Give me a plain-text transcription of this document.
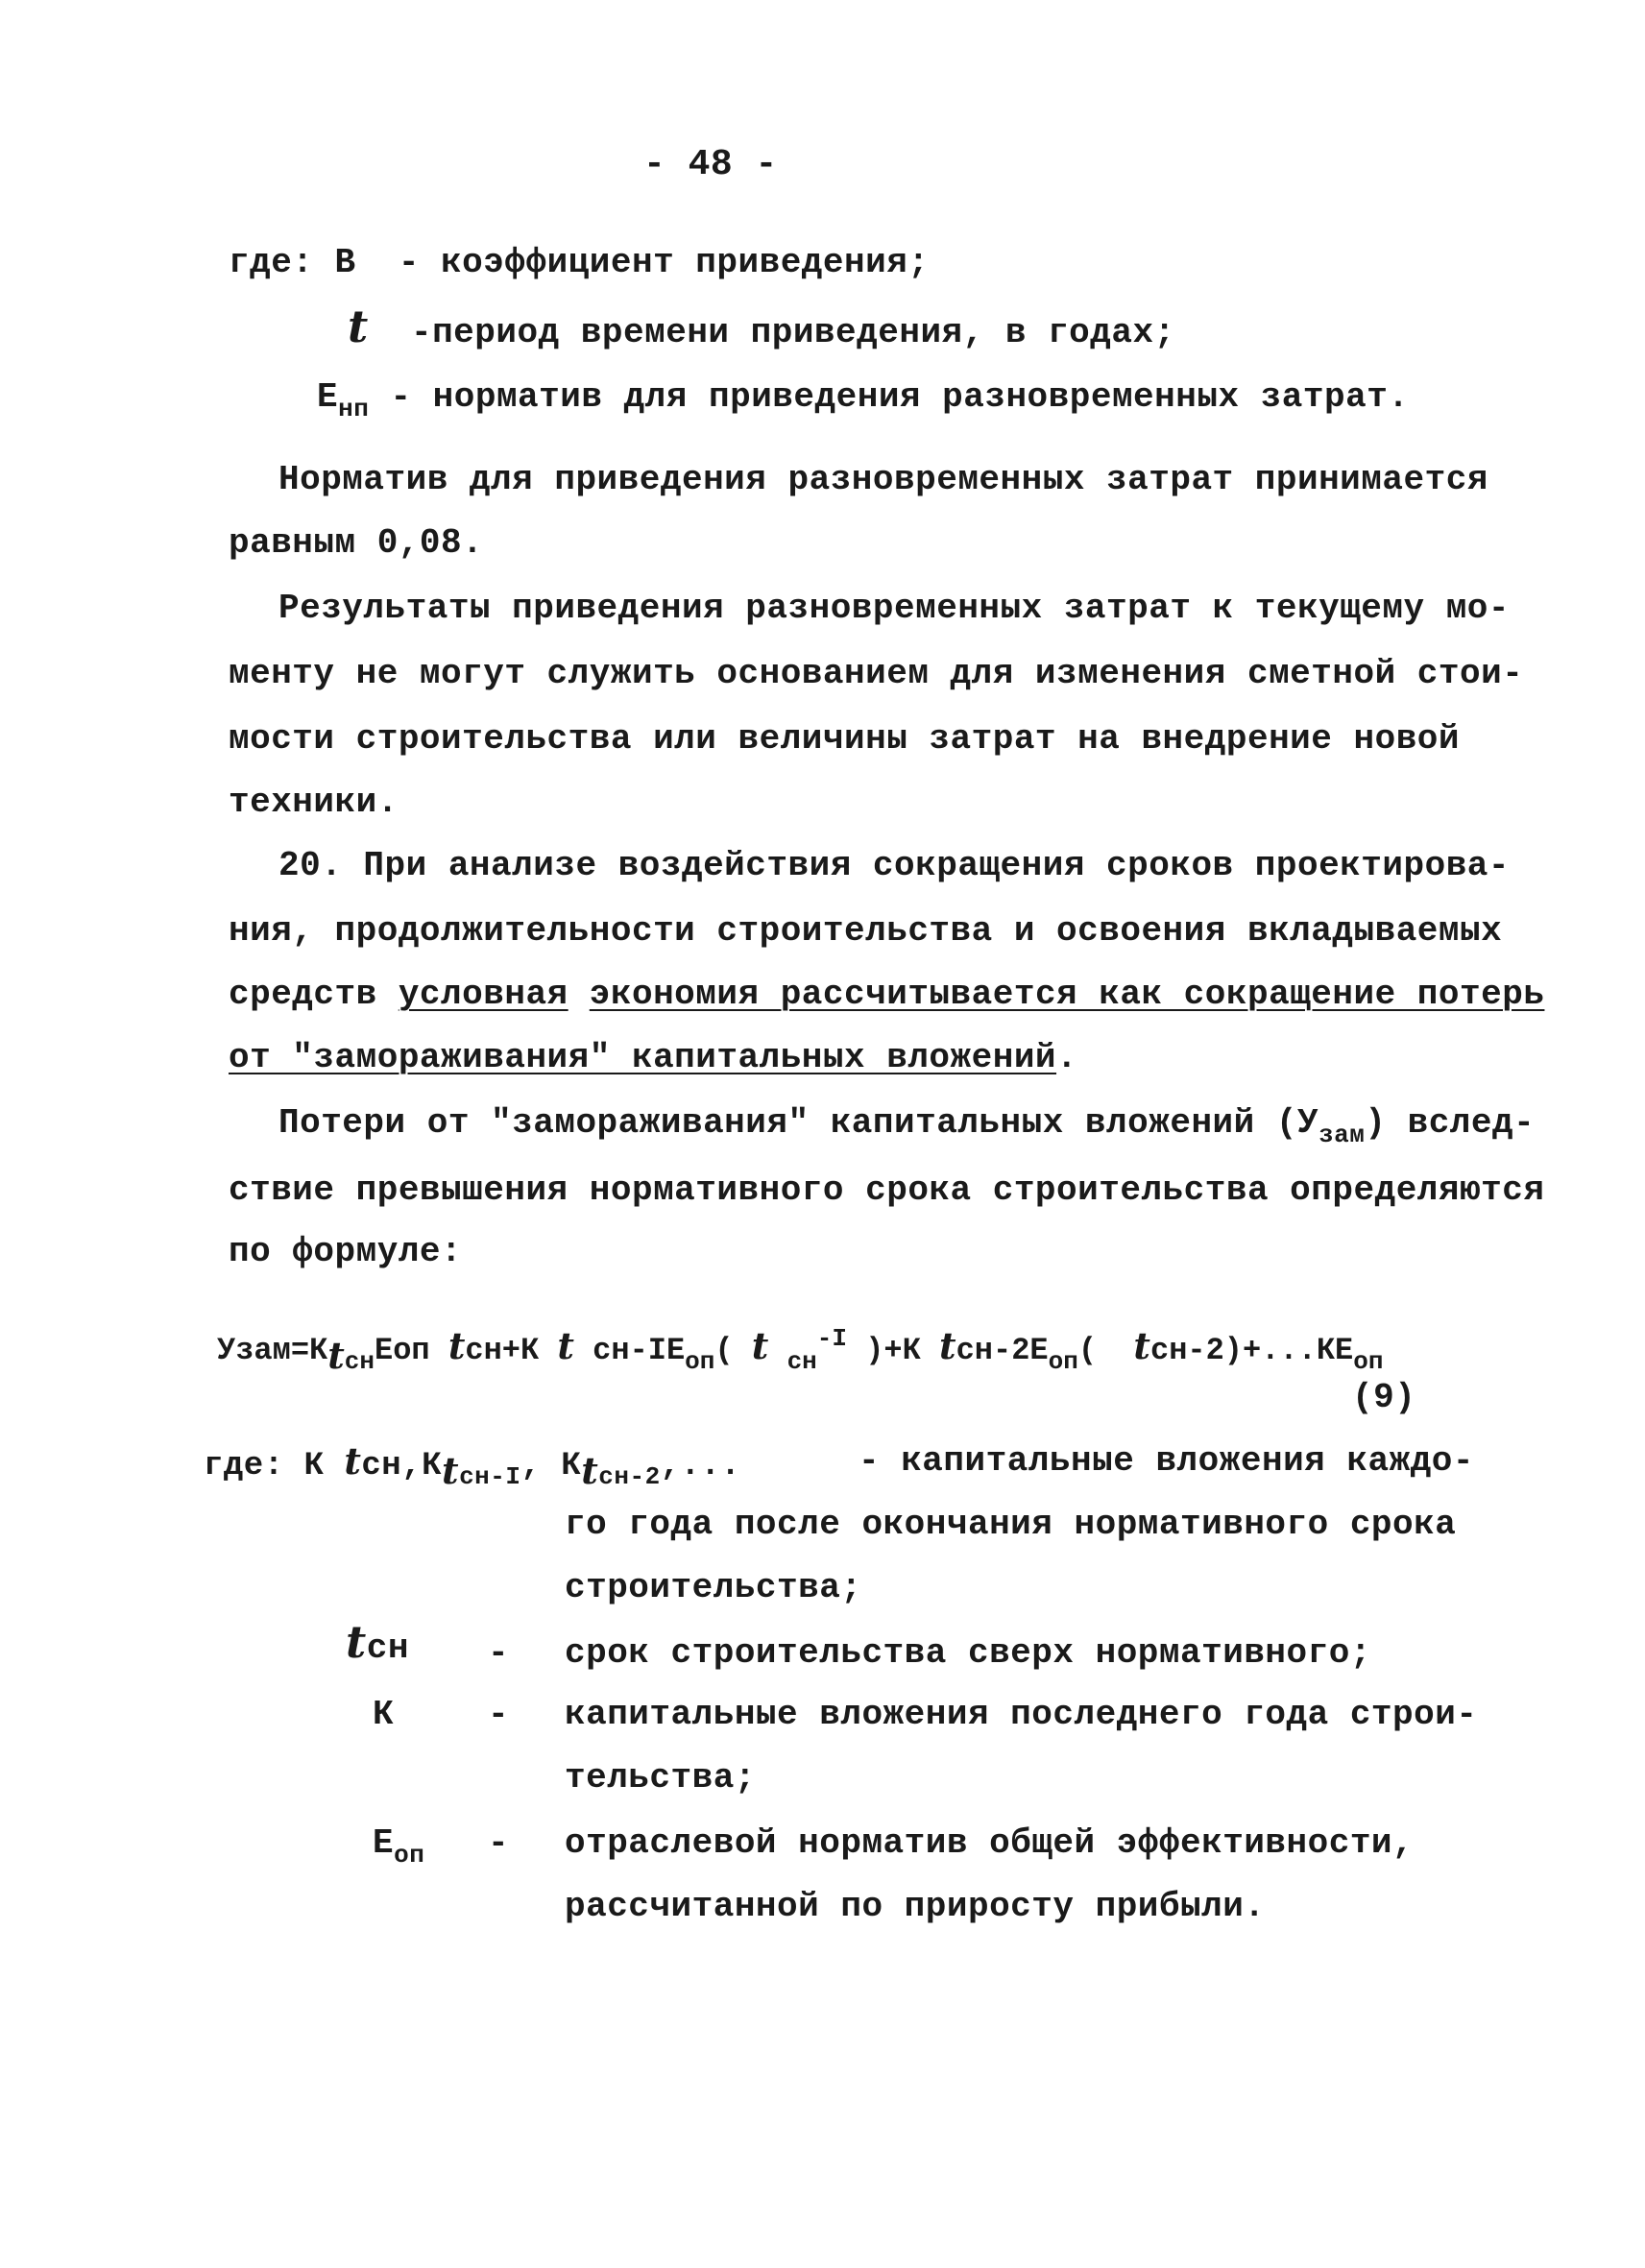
- 48 -
где: В - коэффициент приведения;
t -период времени приведения, в годах;
$Е_{нп}$ - норматив для приведения разновременных затрат.
Норматив для приведения разновременных затрат принимается
равным 0,08.
Результаты приведения разновременных затрат к текущему мо-
менту не могут служить основанием для изменения сметной стои-
мости строительства или величины затрат на внедрение новой
техники.
20. При анализе воздействия сокращения сроков проектирова-
ния, продолжительности строительства и освоения вкладываемых
средств условная экономия рассчитывается как сокращение потерь
от "замораживания" капитальных вложений.
Потери от "замораживания" капитальных вложений $(У_{зам})$ вслед-
ствие превышения нормативного срока строительства определяются
по формуле:
$Узам=К_{tсн}Еоп$ tсн+К t $сн-IЕ_{оп}$( t $_{сн}^{-I}$ )+К tсн-$2Е_{оп}$( tсн-$2)+...КЕ_{оп}$
(9)
где: К $tсн,К_{tсн-I}$, $К_{tсн-2}$,...	- капитальные вложения каждо-
го года после окончания нормативного срока
строительства;
tсн - срок строительства сверх нормативного;
К	- капитальные вложения последнего года строи-
тельства;
$Е_{оп}$ - отраслевой норматив общей эффективности,
рассчитанной по приросту прибыли.
